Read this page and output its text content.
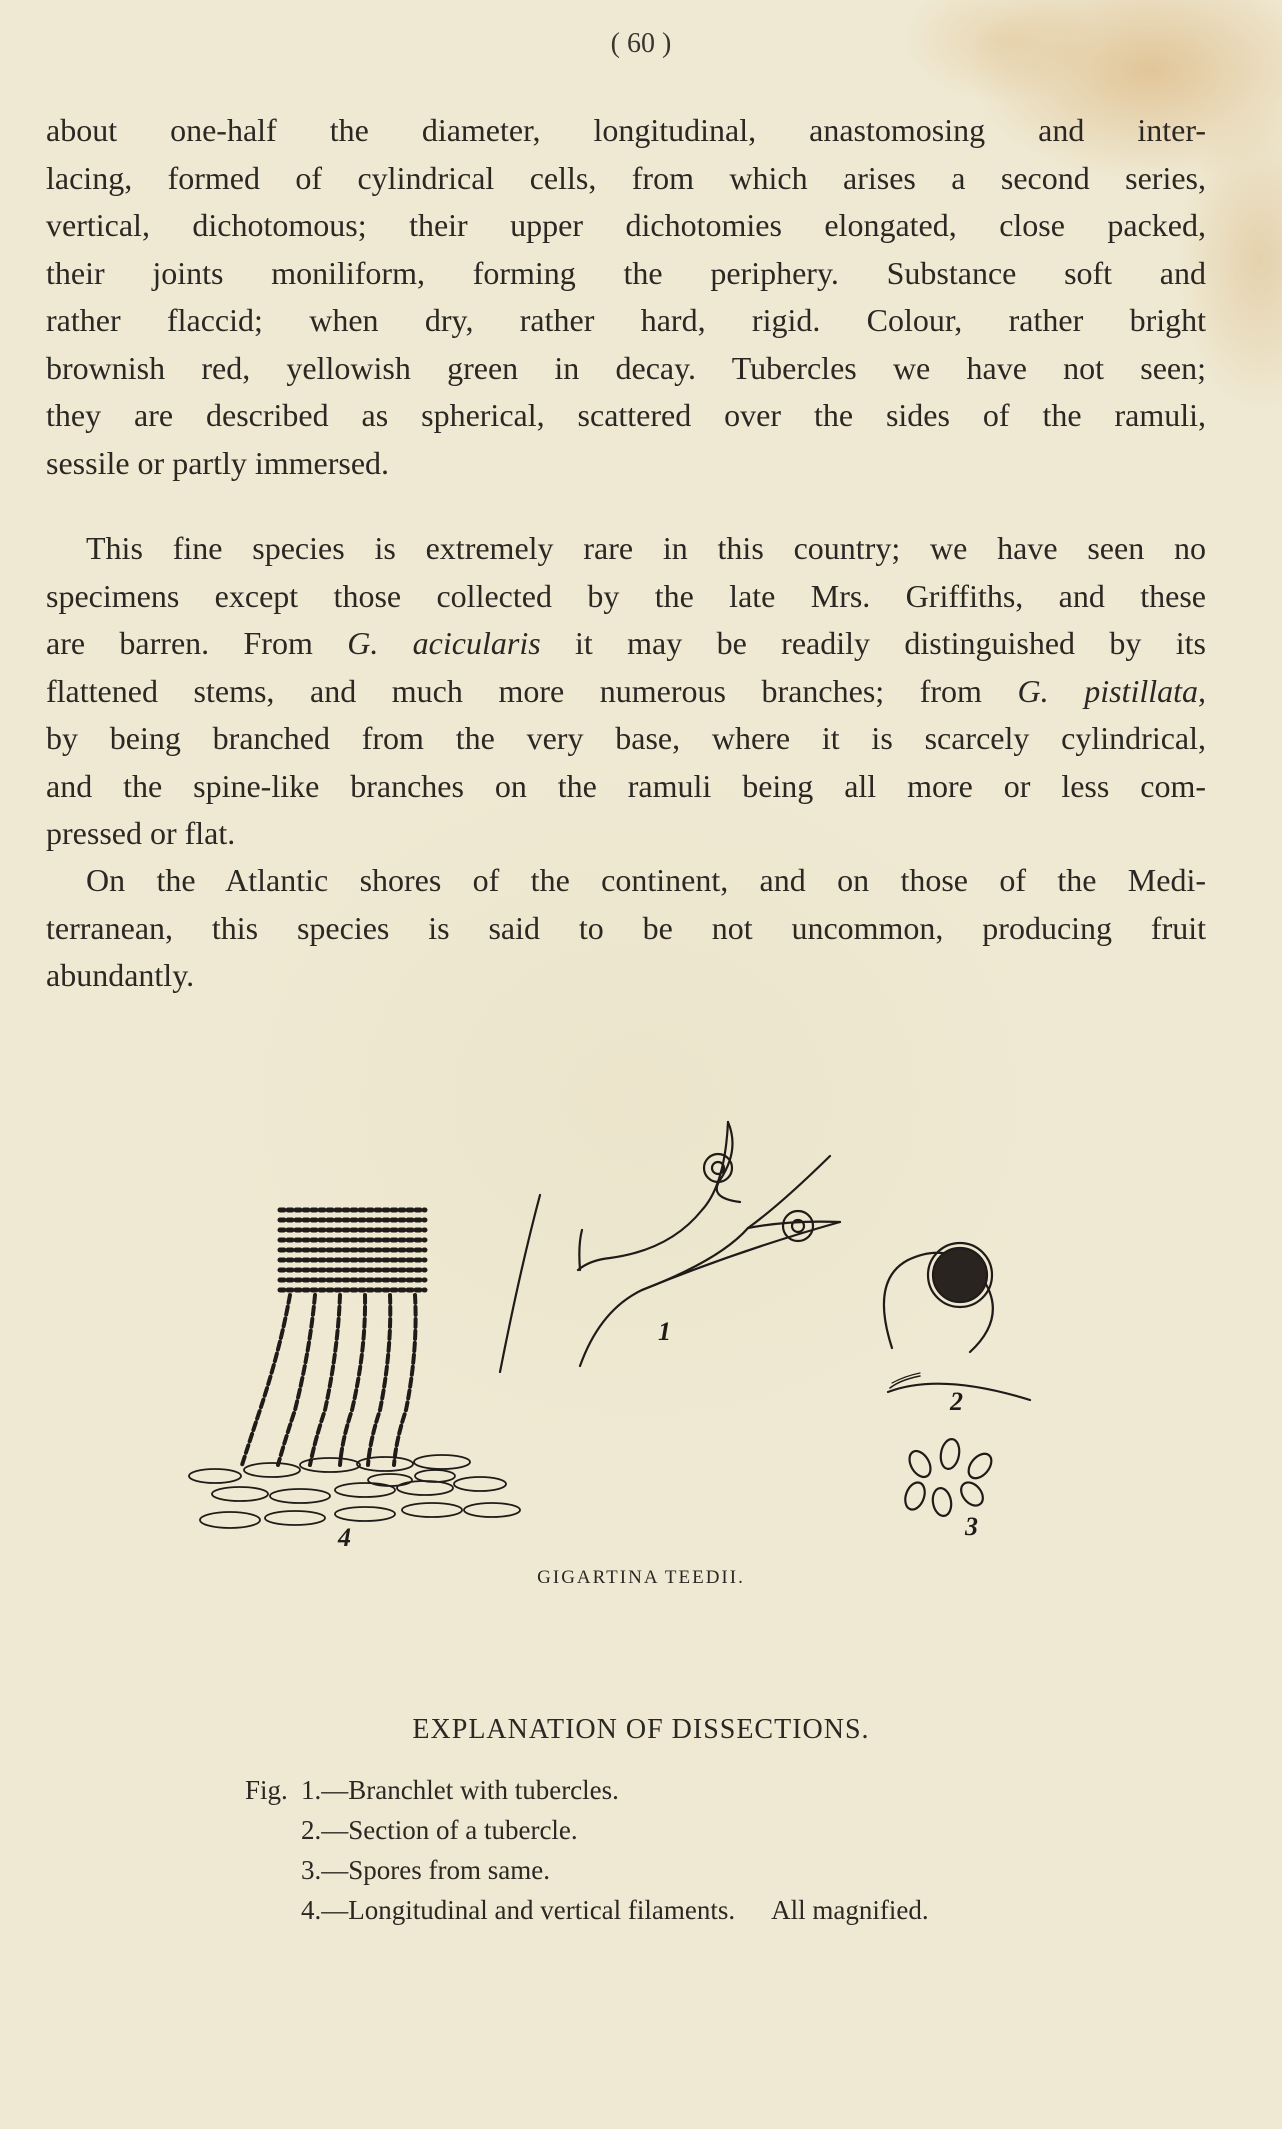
( 60 )
about one-half the diameter, longitudinal, anastomosing and inter-
lacing, formed of cylindrical cells, from which arises a second series,
vertical, dichotomous; their upper dichotomies elongated, close packed,
their joints moniliform, forming the periphery. Substance soft and
rather flaccid; when dry, rather hard, rigid. Colour, rather bright
brownish red, yellowish green in decay. Tubercles we have not seen;
they are described as spherical, scattered over the sides of the ramuli,
sessile or partly immersed.
This fine species is extremely rare in this country; we have seen no
specimens except those collected by the late Mrs. Griffiths, and these
are barren. From G. acicularis it may be readily distinguished by its
flattened stems, and much more numerous branches; from G. pistillata,
by being branched from the very base, where it is scarcely cylindrical,
and the spine-like branches on the ramuli being all more or less com-
pressed or flat.
On the Atlantic shores of the continent, and on those of the Medi-
terranean, this species is said to be not uncommon, producing fruit
abundantly.
1
2
3
4
GIGARTINA TEEDII.
EXPLANATION OF DISSECTIONS.
Fig. 1.—Branchlet with tubercles.
2.—Section of a tubercle.
3.—Spores from same.
4.—Longitudinal and vertical filaments. All magnified.
